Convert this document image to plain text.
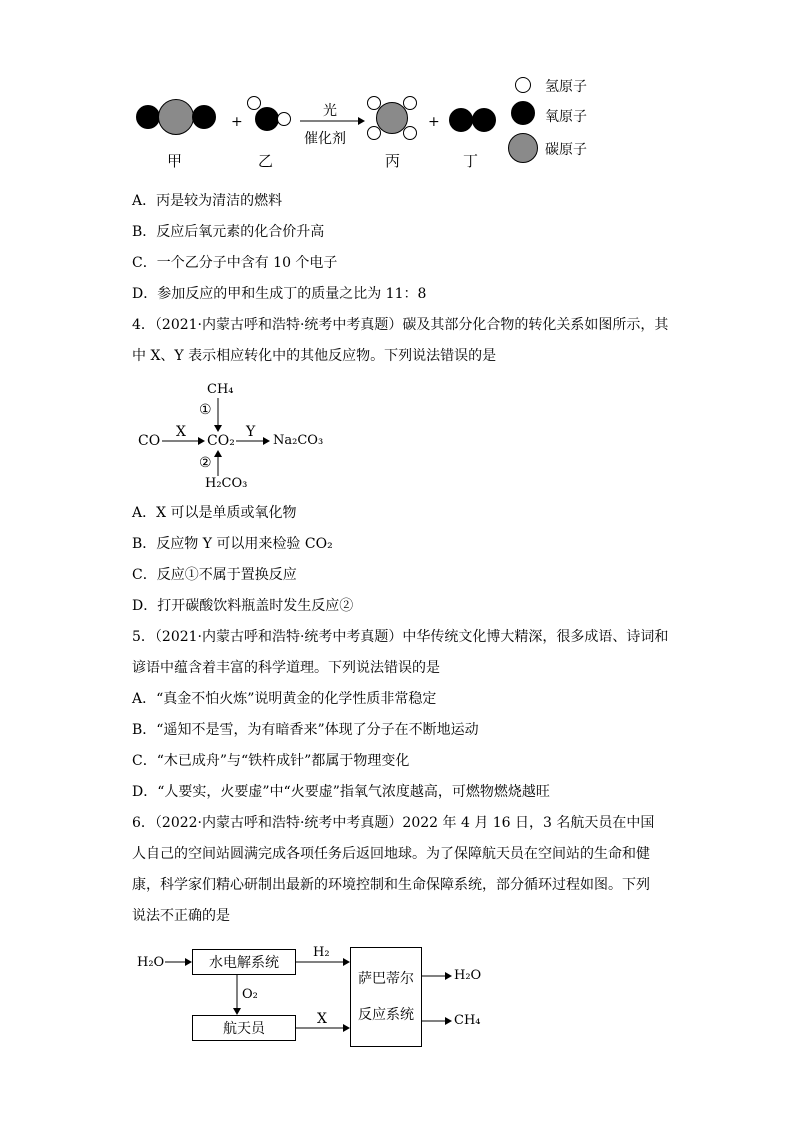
+
光
催化剂
+
甲	乙	丙	丁
氢原子
氧原子
碳原子
A．丙是较为清洁的燃料
B．反应后氧元素的化合价升高
C．一个乙分子中含有 10 个电子
D．参加反应的甲和生成丁的质量之比为 11：8
4．（2021·内蒙古呼和浩特·统考中考真题）碳及其部分化合物的转化关系如图所示，其
中 X、Y 表示相应转化中的其他反应物。下列说法错误的是
CH₄
①
CO
X
CO₂
Y
Na₂CO₃
②
H₂CO₃
A．X 可以是单质或氧化物
B．反应物 Y 可以用来检验 CO₂
C．反应①不属于置换反应
D．打开碳酸饮料瓶盖时发生反应②
5．（2021·内蒙古呼和浩特·统考中考真题）中华传统文化博大精深，很多成语、诗词和
谚语中蕴含着丰富的科学道理。下列说法错误的是
A．“真金不怕火炼”说明黄金的化学性质非常稳定
B．“遥知不是雪，为有暗香来”体现了分子在不断地运动
C．“木已成舟”与“铁杵成针”都属于物理变化
D．“人要实，火要虚”中“火要虚”指氧气浓度越高，可燃物燃烧越旺
6．（2022·内蒙古呼和浩特·统考中考真题）2022 年 4 月 16 日，3 名航天员在中国人自己的空间站圆满完成各项任务后返回地球。为了保障航天员在空间站的生命和健康，科学家们精心研制出最新的环境控制和生命保障系统，部分循环过程如图。下列说法不正确的是
H₂O	水电解系统
H₂
O₂
航天员
X
萨巴蒂尔
反应系统
H₂O
CH₄
